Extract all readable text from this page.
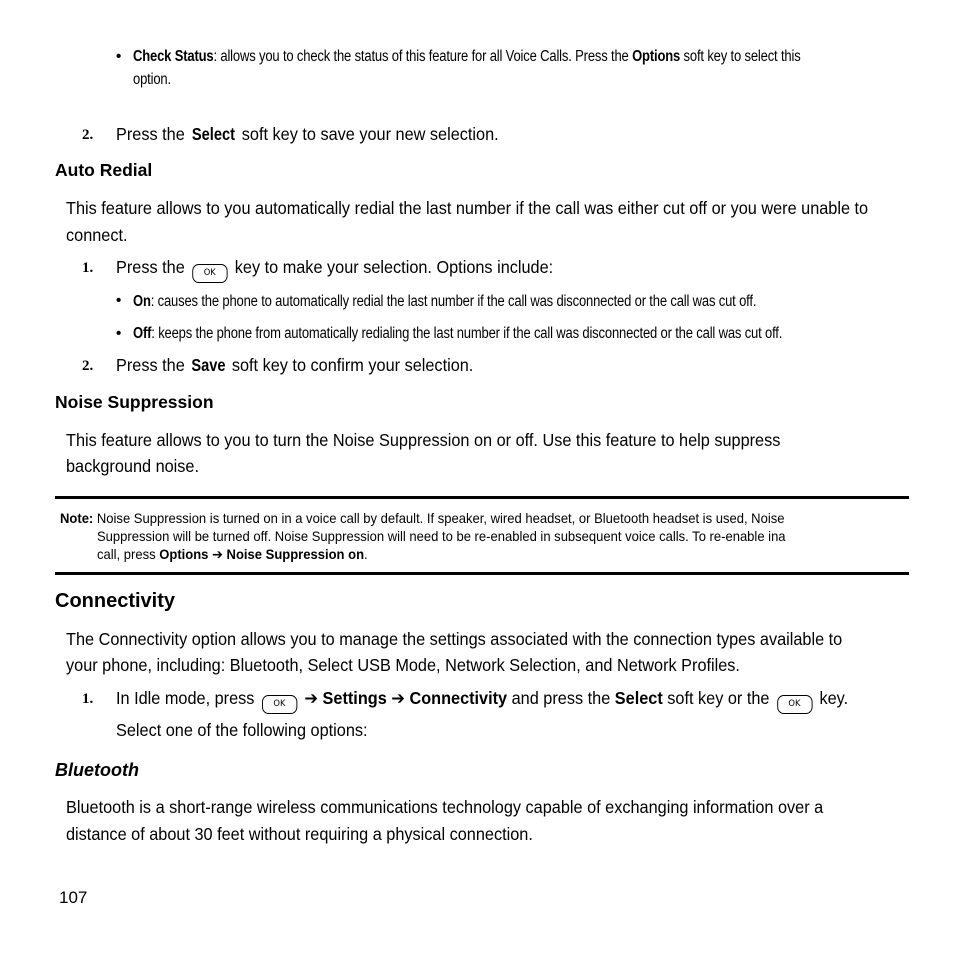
• Check Status: allows you to check the status of this feature for all Voice Calls. Press the Options soft key to select this
option.
2. Press the Select soft key to save your new selection.
Auto Redial
This feature allows to you automatically redial the last number if the call was either cut off or you were unable to
connect.
1. Press the OK key to make your selection. Options include:
• On: causes the phone to automatically redial the last number if the call was disconnected or the call was cut off.
• Off: keeps the phone from automatically redialing the last number if the call was disconnected or the call was cut off.
2. Press the Save soft key to confirm your selection.
Noise Suppression
This feature allows to you to turn the Noise Suppression on or off. Use this feature to help suppress
background noise.
Note: Noise Suppression is turned on in a voice call by default. If speaker, wired headset, or Bluetooth headset is used, Noise
Suppression will be turned off. Noise Suppression will need to be re-enabled in subsequent voice calls. To re-enable ina
call, press Options ➔ Noise Suppression on.
Connectivity
The Connectivity option allows you to manage the settings associated with the connection types available to
your phone, including: Bluetooth, Select USB Mode, Network Selection, and Network Profiles.
1. In Idle mode, press OK ➔ Settings ➔ Connectivity and press the Select soft key or the OK key.
Select one of the following options:
Bluetooth
Bluetooth is a short-range wireless communications technology capable of exchanging information over a
distance of about 30 feet without requiring a physical connection.
107
